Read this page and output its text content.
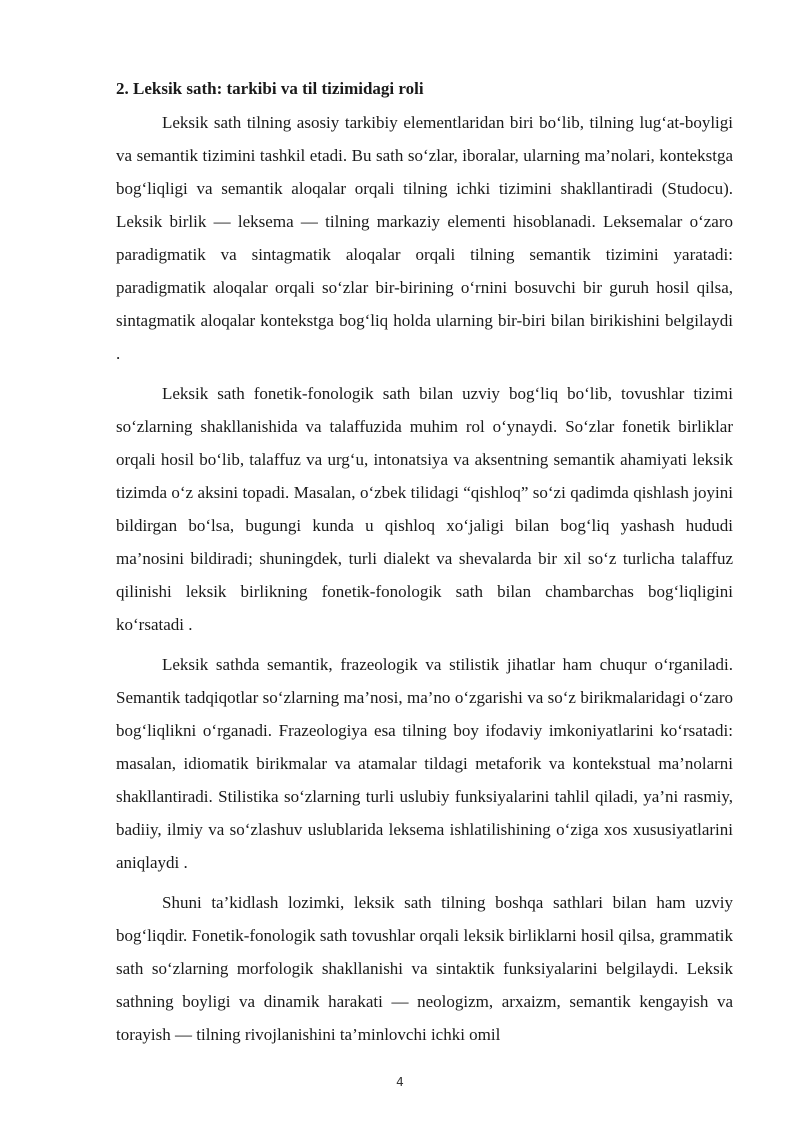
2. Leksik sath: tarkibi va til tizimidagi roli

Leksik sath tilning asosiy tarkibiy elementlaridan biri bo‘lib, tilning lug‘at-boyligi va semantik tizimini tashkil etadi. Bu sath so‘zlar, iboralar, ularning ma’nolari, kontekstga bog‘liqligi va semantik aloqalar orqali tilning ichki tizimini shakllantiradi (Studocu). Leksik birlik — leksema — tilning markaziy elementi hisoblanadi. Leksemalar o‘zaro paradigmatik va sintagmatik aloqalar orqali tilning semantik tizimini yaratadi: paradigmatik aloqalar orqali so‘zlar bir-birining o‘rnini bosuvchi bir guruh hosil qilsa, sintagmatik aloqalar kontekstga bog‘liq holda ularning bir-biri bilan birikishini belgilaydi .

Leksik sath fonetik-fonologik sath bilan uzviy bog‘liq bo‘lib, tovushlar tizimi so‘zlarning shakllanishida va talaffuzida muhim rol o‘ynaydi. So‘zlar fonetik birliklar orqali hosil bo‘lib, talaffuz va urg‘u, intonatsiya va aksentning semantik ahamiyati leksik tizimda o‘z aksini topadi. Masalan, o‘zbek tilidagi “qishloq” so‘zi qadimda qishlash joyini bildirgan bo‘lsa, bugungi kunda u qishloq xo‘jaligi bilan bog‘liq yashash hududi ma’nosini bildiradi; shuningdek, turli dialekt va shevalarda bir xil so‘z turlicha talaffuz qilinishi leksik birlikning fonetik-fonologik sath bilan chambarchas bog‘liqligini ko‘rsatadi .

Leksik sathda semantik, frazeologik va stilistik jihatlar ham chuqur o‘rganiladi. Semantik tadqiqotlar so‘zlarning ma’nosi, ma’no o‘zgarishi va so‘z birikmalaridagi o‘zaro bog‘liqlikni o‘rganadi. Frazeologiya esa tilning boy ifodaviy imkoniyatlarini ko‘rsatadi: masalan, idiomatik birikmalar va atamalar tildagi metaforik va kontekstual ma’nolarni shakllantiradi. Stilistika so‘zlarning turli uslubiy funksiyalarini tahlil qiladi, ya’ni rasmiy, badiiy, ilmiy va so‘zlashuv uslublarida leksema ishlatilishining o‘ziga xos xususiyatlarini aniqlaydi .

Shuni ta’kidlash lozimki, leksik sath tilning boshqa sathlari bilan ham uzviy bog‘liqdir. Fonetik-fonologik sath tovushlar orqali leksik birliklarni hosil qilsa, grammatik sath so‘zlarning morfologik shakllanishi va sintaktik funksiyalarini belgilaydi. Leksik sathning boyligi va dinamik harakati — neologizm, arxaizm, semantik kengayish va torayish — tilning rivojlanishini ta’minlovchi ichki omil

4
